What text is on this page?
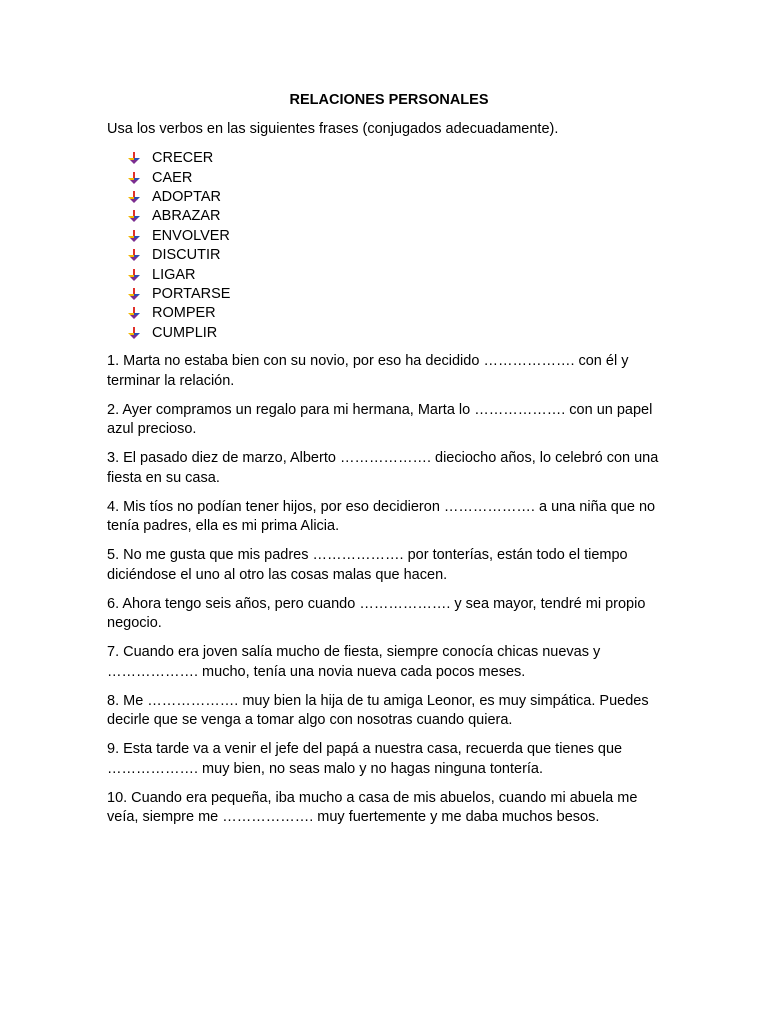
RELACIONES PERSONALES
Usa los verbos en las siguientes frases (conjugados adecuadamente).
CRECER
CAER
ADOPTAR
ABRAZAR
ENVOLVER
DISCUTIR
LIGAR
PORTARSE
ROMPER
CUMPLIR

1. Marta no estaba bien con su novio, por eso ha decidido ………………. con él y terminar la relación.

2. Ayer compramos un regalo para mi hermana, Marta lo ………………. con un papel azul precioso.

3. El pasado diez de marzo, Alberto ………………. dieciocho años, lo celebró con una fiesta en su casa.

4. Mis tíos no podían tener hijos, por eso decidieron ………………. a una niña que no tenía padres, ella es mi prima Alicia.

5. No me gusta que mis padres ………………. por tonterías, están todo el tiempo diciéndose el uno al otro las cosas malas que hacen.

6. Ahora tengo seis años, pero cuando ………………. y sea mayor, tendré mi propio negocio.

7. Cuando era joven salía mucho de fiesta, siempre conocía chicas nuevas y ………………. mucho, tenía una novia nueva cada pocos meses.

8. Me ………………. muy bien la hija de tu amiga Leonor, es muy simpática. Puedes decirle que se venga a tomar algo con nosotras cuando quiera.

9. Esta tarde va a venir el jefe del papá a nuestra casa, recuerda que tienes que ………………. muy bien, no seas malo y no hagas ninguna tontería.

10. Cuando era pequeña, iba mucho a casa de mis abuelos, cuando mi abuela me veía, siempre me ………………. muy fuertemente y me daba muchos besos.
